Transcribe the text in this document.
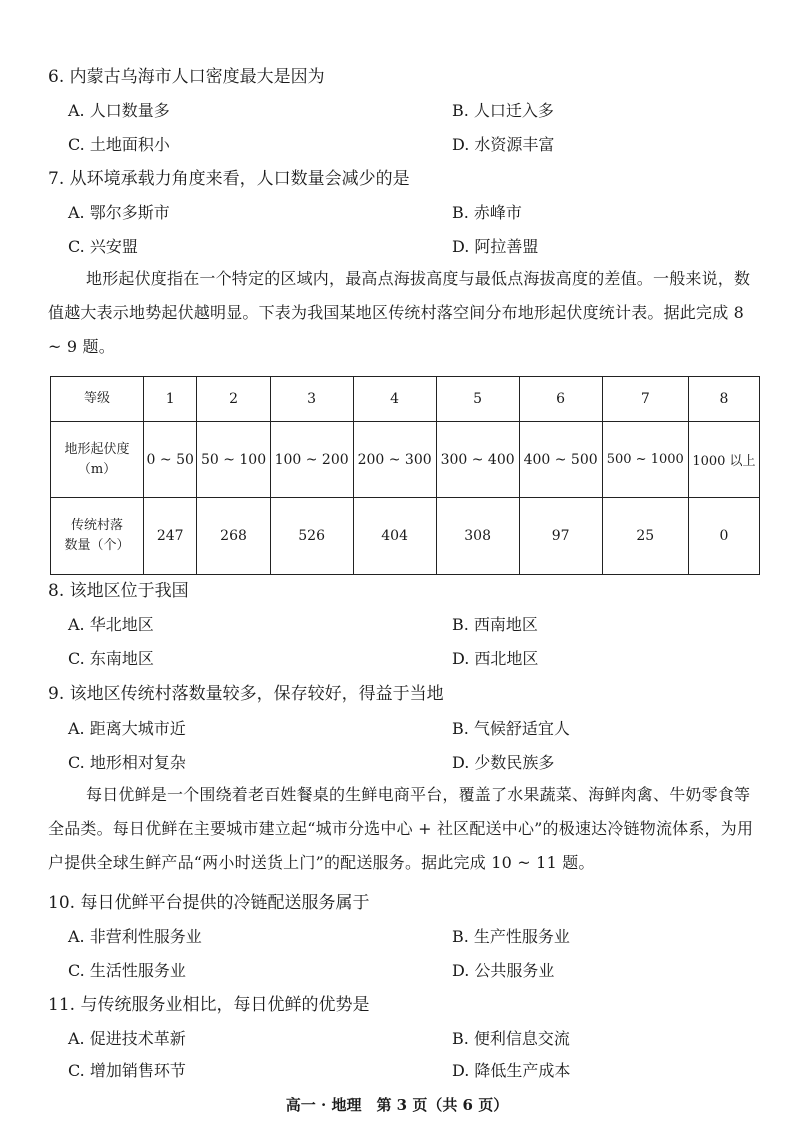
6. 内蒙古乌海市人口密度最大是因为
A. 人口数量多	B. 人口迁入多
C. 土地面积小	D. 水资源丰富
7. 从环境承载力角度来看，人口数量会减少的是
A. 鄂尔多斯市	B. 赤峰市
C. 兴安盟	D. 阿拉善盟
地形起伏度指在一个特定的区域内，最高点海拔高度与最低点海拔高度的差值。一般来说，数值越大表示地势起伏越明显。下表为我国某地区传统村落空间分布地形起伏度统计表。据此完成 8 ~ 9 题。
等级	1	2	3	4	5	6	7	8

地形起伏度
（m）	0 ~ 50	50 ~ 100	100 ~ 200	200 ~ 300	300 ~ 400	400 ~ 500	500 ~ 1000	1000 以上

传统村落
数量（个）	247	268	526	404	308	97	25	0
8. 该地区位于我国
A. 华北地区	B. 西南地区
C. 东南地区	D. 西北地区
9. 该地区传统村落数量较多，保存较好，得益于当地
A. 距离大城市近	B. 气候舒适宜人
C. 地形相对复杂	D. 少数民族多
每日优鲜是一个围绕着老百姓餐桌的生鲜电商平台，覆盖了水果蔬菜、海鲜肉禽、牛奶零食等全品类。每日优鲜在主要城市建立起“城市分选中心 + 社区配送中心”的极速达冷链物流体系，为用户提供全球生鲜产品“两小时送货上门”的配送服务。据此完成 10 ~ 11 题。
10. 每日优鲜平台提供的冷链配送服务属于
A. 非营利性服务业	B. 生产性服务业
C. 生活性服务业	D. 公共服务业
11. 与传统服务业相比，每日优鲜的优势是
A. 促进技术革新	B. 便利信息交流
C. 增加销售环节	D. 降低生产成本
高一 · 地理　第 3 页（共 6 页）
